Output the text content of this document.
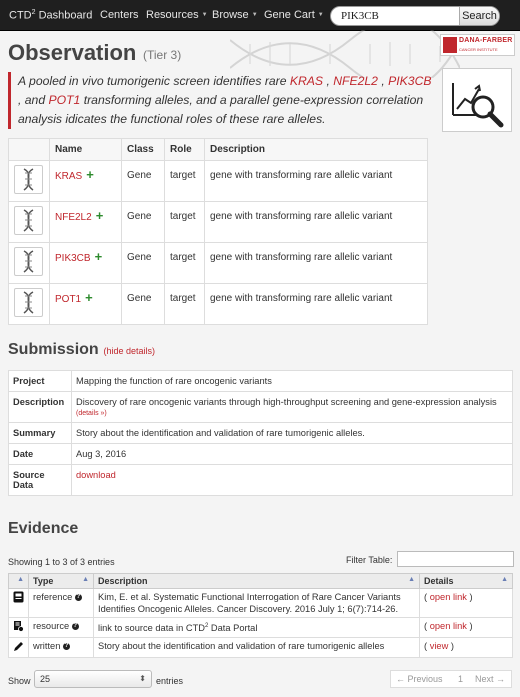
CTD$^2$ Dashboard Centers Resources ▼ Browse ▼ Gene Cart ▼
PIK3CB	Search
DANA-FARBER
CANCER INSTITUTE
Observation (Tier 3)
A pooled in vivo tumorigenic screen identifies rare KRAS , NFE2L2 , PIK3CB , and POT1 transforming alleles, and a parallel gene-expression correlation analysis idicates the functional roles of these rare alleles.
	Name	Class	Role	Description

	KRAS +	Gene	target	gene with transforming rare allelic variant

	NFE2L2 +	Gene	target	gene with transforming rare allelic variant

	PIK3CB +	Gene	target	gene with transforming rare allelic variant

	POT1 +	Gene	target	gene with transforming rare allelic variant
Submission (hide details)
Project	Mapping the function of rare oncogenic variants
Description	Discovery of rare oncogenic variants through high-throughput screening and gene-expression analysis (details »)
Summary	Story about the identification and validation of rare tumorigenic alleles.
Date	Aug 3, 2016
Source Data	download
Evidence
Showing 1 to 3 of 3 entries	Filter Table:
▲	Type ▲	Description ▲	Details ▲

	reference ?	Kim, E. et al. Systematic Functional Interrogation of Rare Cancer Variants Identifies Oncogenic Alleles. Cancer Discovery. 2016 July 1; 6(7):714-26.	( open link )
	resource ?	link to source data in CTD$^2$ Data Portal	( open link )
	written ?	Story about the identification and validation of rare tumorigenic alleles	( view )
Show	25	⬍ entries	← Previous 1 Next →
